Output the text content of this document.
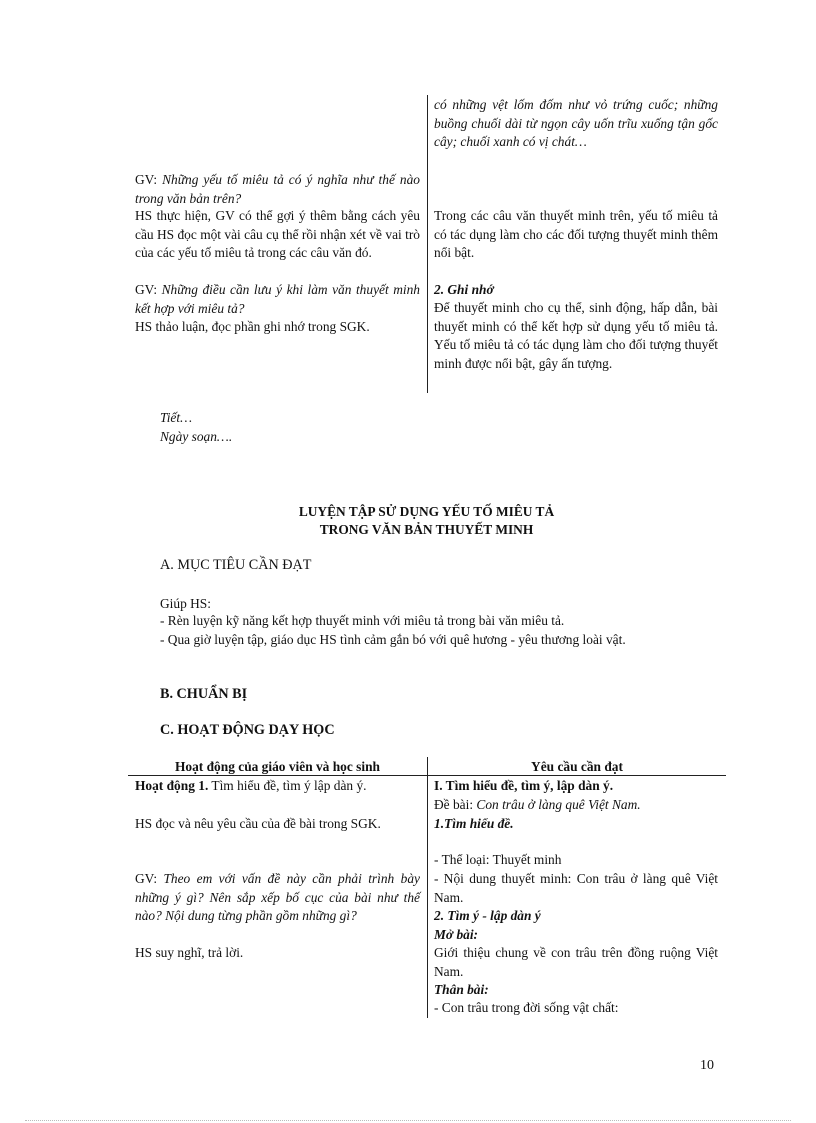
có những vệt lốm đốm như vỏ trứng cuốc; những buồng chuối dài từ ngọn cây uốn trĩu xuống tận gốc cây; chuối xanh có vị chát…
GV: Những yếu tố miêu tả có ý nghĩa như thế nào trong văn bản trên?
HS thực hiện, GV có thể gợi ý thêm bằng cách yêu cầu HS đọc một vài câu cụ thể rồi nhận xét về vai trò của các yếu tố miêu tả trong các câu văn đó.
Trong các câu văn thuyết minh trên, yếu tố miêu tả có tác dụng làm cho các đối tượng thuyết minh thêm nổi bật.
GV: Những điều cần lưu ý khi làm văn thuyết minh kết hợp với miêu tả?
HS thảo luận, đọc phần ghi nhớ trong SGK.
2. Ghi nhớ
Để thuyết minh cho cụ thể, sinh động, hấp dẫn, bài thuyết minh có thể kết hợp sử dụng yếu tố miêu tả. Yếu tố miêu tả có tác dụng làm cho đối tượng thuyết minh được nổi bật, gây ấn tượng.
Tiết…
Ngày soạn….
LUYỆN TẬP SỬ DỤNG YẾU TỐ MIÊU TẢ
TRONG VĂN BẢN THUYẾT MINH
A. MỤC TIÊU CẦN ĐẠT
Giúp HS:
- Rèn luyện kỹ năng kết hợp thuyết minh với miêu tả trong bài văn miêu tả.
- Qua giờ luyện tập, giáo dục HS tình cảm gắn bó với quê hương - yêu thương loài vật.
B. CHUẨN BỊ
C. HOẠT ĐỘNG DẠY HỌC
Hoạt động của giáo viên và học sinh	Yêu cầu cần đạt
Hoạt động 1. Tìm hiểu đề, tìm ý lập dàn ý.
HS đọc và nêu yêu cầu của đề bài trong SGK.
GV: Theo em với vấn đề này cần phải trình bày những ý gì? Nên sắp xếp bố cục của bài như thế nào? Nội dung từng phần gồm những gì?
HS suy nghĩ, trả lời.
I. Tìm hiểu đề, tìm ý, lập dàn ý.
Đề bài: Con trâu ở làng quê Việt Nam.
1.Tìm hiểu đề.
- Thể loại: Thuyết minh
- Nội dung thuyết minh: Con trâu ở làng quê Việt Nam.
2. Tìm ý - lập dàn ý
Mở bài:
Giới thiệu chung về con trâu trên đồng ruộng Việt Nam.
Thân bài:
- Con trâu trong đời sống vật chất:
10
